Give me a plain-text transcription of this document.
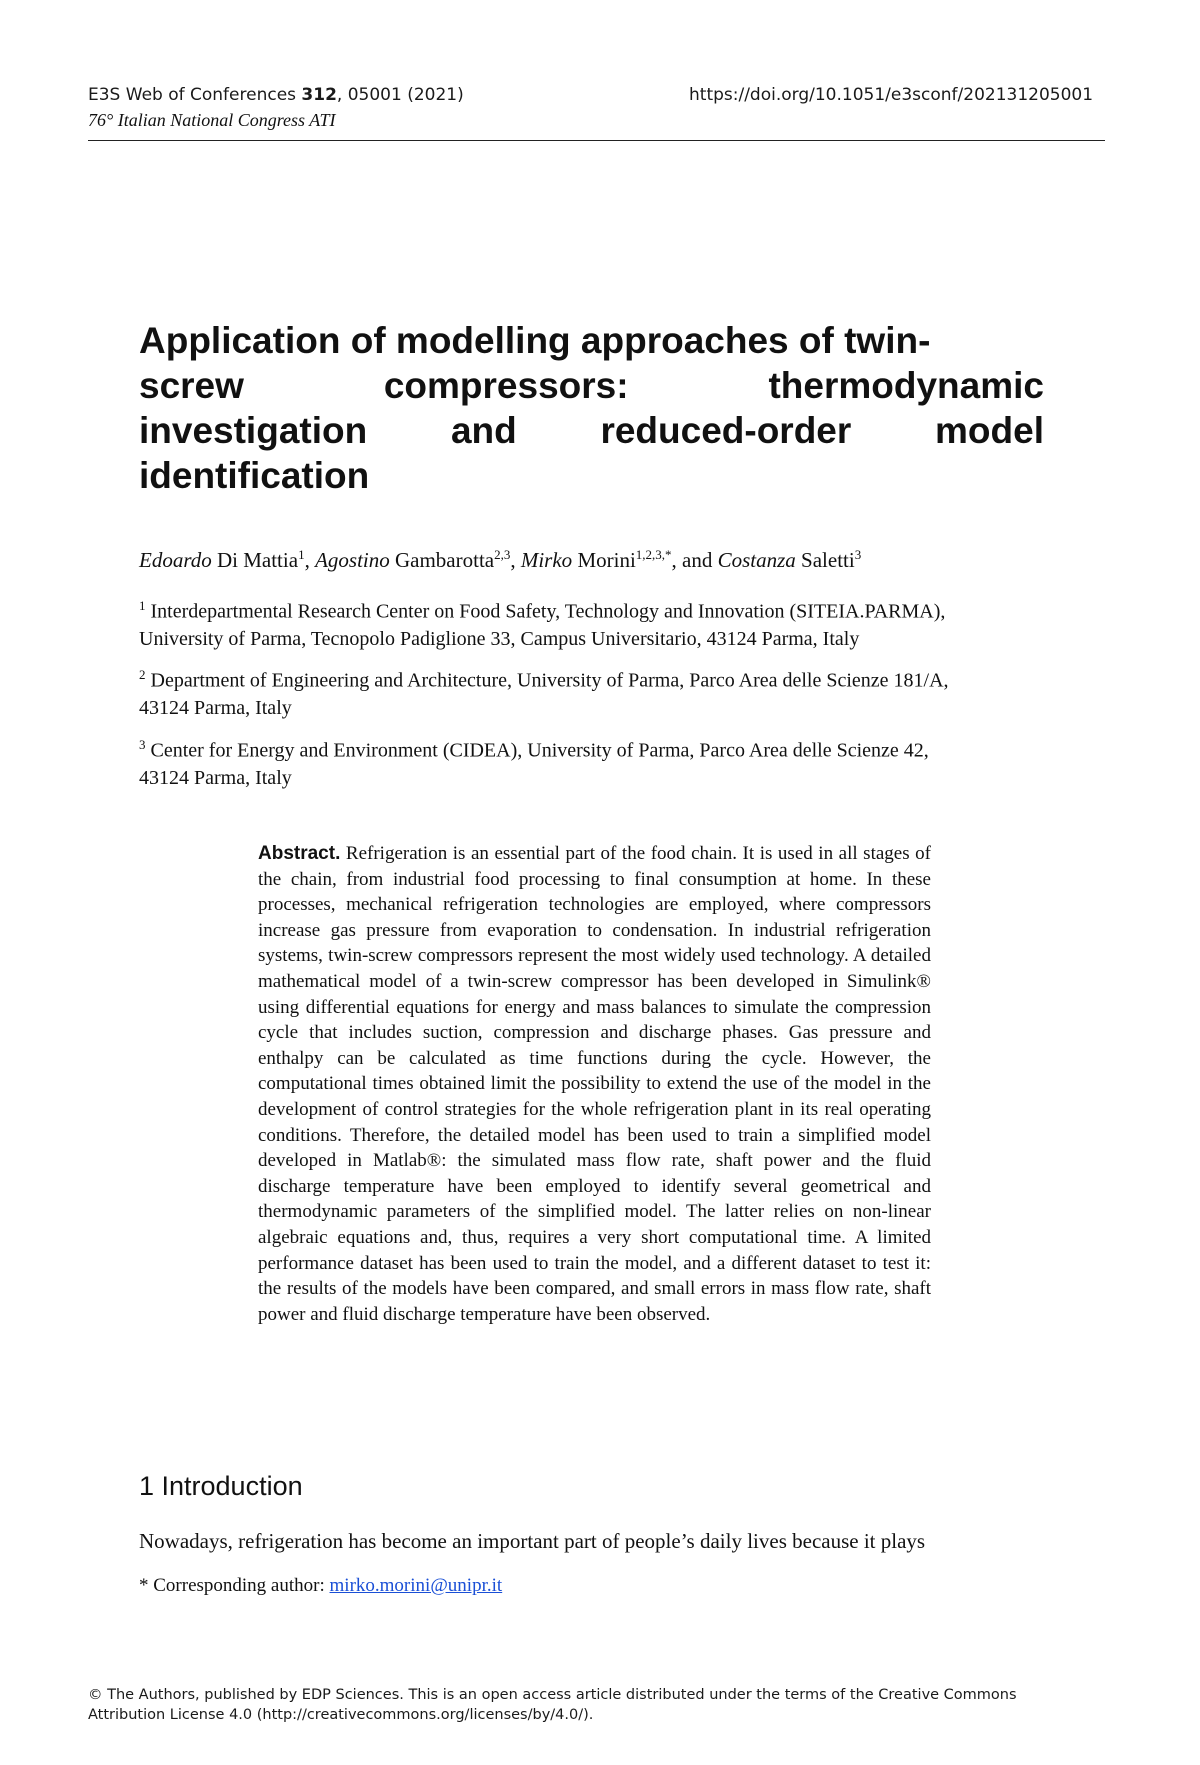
E3S Web of Conferences 312, 05001 (2021)	https://doi.org/10.1051/e3sconf/202131205001
76° Italian National Congress ATI
Application of modelling approaches of twin-
screw	compressors:	thermodynamic
investigation and reduced-order model
identification
Edoardo Di Mattia$^1$, Agostino Gambarotta$^{2,3}$, Mirko Morini$^{1,2,3,*}$, and Costanza Saletti$^3$
$^1$ Interdepartmental Research Center on Food Safety, Technology and Innovation (SITEIA.PARMA),
University of Parma, Tecnopolo Padiglione 33, Campus Universitario, 43124 Parma, Italy
$^2$ Department of Engineering and Architecture, University of Parma, Parco Area delle Scienze 181/A,
43124 Parma, Italy
$^3$ Center for Energy and Environment (CIDEA), University of Parma, Parco Area delle Scienze 42,
43124 Parma, Italy
Abstract. Refrigeration is an essential part of the food chain. It is used in all stages of the chain, from industrial food processing to final consumption at home. In these processes, mechanical refrigeration technologies are employed, where compressors increase gas pressure from evaporation to condensation. In industrial refrigeration systems, twin-screw compressors represent the most widely used technology. A detailed mathematical model of a twin-screw compressor has been developed in Simulink® using differential equations for energy and mass balances to simulate the compression cycle that includes suction, compression and discharge phases. Gas pressure and enthalpy can be calculated as time functions during the cycle. However, the computational times obtained limit the possibility to extend the use of the model in the development of control strategies for the whole refrigeration plant in its real operating conditions. Therefore, the detailed model has been used to train a simplified model developed in Matlab®: the simulated mass flow rate, shaft power and the fluid discharge temperature have been employed to identify several geometrical and thermodynamic parameters of the simplified model. The latter relies on non-linear algebraic equations and, thus, requires a very short computational time. A limited performance dataset has been used to train the model, and a different dataset to test it: the results of the models have been compared, and small errors in mass flow rate, shaft power and fluid discharge temperature have been observed.
1 Introduction
Nowadays, refrigeration has become an important part of people’s daily lives because it plays
* Corresponding author: mirko.morini@unipr.it
© The Authors, published by EDP Sciences. This is an open access article distributed under the terms of the Creative Commons
Attribution License 4.0 (http://creativecommons.org/licenses/by/4.0/).
